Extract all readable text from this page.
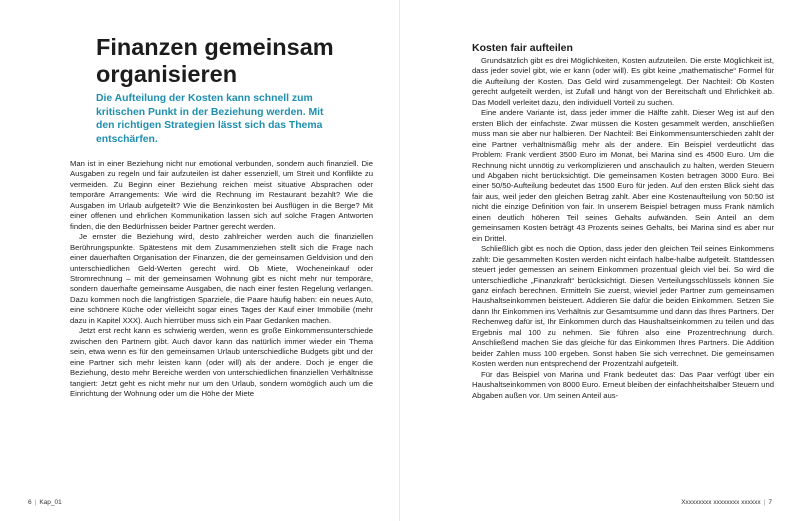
Finanzen gemeinsam organisieren

Die Aufteilung der Kosten kann schnell zum kritischen Punkt in der Beziehung werden. Mit den richtigen Strategien lässt sich das Thema entschärfen.

Man ist in einer Beziehung nicht nur emotional verbunden, sondern auch finanziell. Die Ausgaben zu regeln und fair aufzuteilen ist daher essenziell, um Streit und Konflikte zu vermeiden. Zu Beginn einer Beziehung reichen meist situative Absprachen oder temporäre Arrangements: Wie wird die Rechnung im Restaurant bezahlt? Wie die Ausgaben im Urlaub aufgeteilt? Wie die Benzinkosten bei Ausflügen in die Berge? Mit einer offenen und ehrlichen Kommunikation lassen sich auf solche Fragen Antworten finden, die den Bedürfnissen beider Partner gerecht werden.

Je ernster die Beziehung wird, desto zahlreicher werden auch die finanziellen Berührungspunkte. Spätestens mit dem Zusammenziehen stellt sich die Frage nach einer dauerhaften Organisation der Finanzen, die der gemeinsamen Geldvision und den unterschiedlichen Geld-Werten gerecht wird. Ob Miete, Wocheneinkauf oder Stromrechnung – mit der gemeinsamen Wohnung gibt es nicht mehr nur temporäre, sondern dauerhafte gemeinsame Ausgaben, die nach einer festen Regelung verlangen. Dazu kommen noch die langfristigen Sparziele, die Paare häufig haben: ein neues Auto, eine schönere Küche oder vielleicht sogar eines Tages der Kauf einer Immobilie (mehr dazu in Kapitel XXX). Auch hierrüber muss sich ein Paar Gedanken machen.

Jetzt erst recht kann es schwierig werden, wenn es große Einkommensunterschiede zwischen den Partnern gibt. Auch davor kann das natürlich immer wieder ein Thema sein, etwa wenn es für den gemeinsamen Urlaub unterschiedliche Budgets gibt und der eine Partner sich mehr leisten kann (oder will) als der andere. Doch je enger die Beziehung, desto mehr Bereiche werden von unterschiedlichen finanziellen Verhältnisse tangiert: Jetzt geht es nicht mehr nur um den Urlaub, sondern womöglich auch um die Einrichtung der Wohnung oder um die Höhe der Miete

6 | Kap_01
Kosten fair aufteilen

Grundsätzlich gibt es drei Möglichkeiten, Kosten aufzuteilen. Die erste Möglichkeit ist, dass jeder soviel gibt, wie er kann (oder will). Es gibt keine „mathematische“ Formel für die Aufteilung der Kosten. Das Geld wird zusammengelegt. Der Nachteil: Ob Kosten gerecht aufgeteilt werden, ist Zufall und hängt von der Bereitschaft und Ehrlichkeit ab. Das Modell verleitet dazu, den individuell Vorteil zu suchen.

Eine andere Variante ist, dass jeder immer die Hälfte zahlt. Dieser Weg ist auf den ersten Blich der einfachste. Zwar müssen die Kosten gesammelt werden, anschließen muss man sie aber nur halbieren. Der Nachteil: Bei Einkommensunterschieden zahlt der eine Partner verhältnismäßig mehr als der andere. Ein Beispiel verdeutlicht das Problem: Frank verdient 3500 Euro im Monat, bei Marina sind es 4500 Euro. Um die Rechnung nicht unnötig zu verkomplizieren und anschaulich zu halten, werden Steuern und Abgaben nicht berücksichtigt. Die gemeinsamen Kosten betragen 3000 Euro. Bei einer 50/50-Aufteilung bedeutet das 1500 Euro für jeden. Auf den ersten Blick sieht das fair aus, weil jeder den gleichen Betrag zahlt. Aber eine Kostenaufteilung von 50:50 ist nicht die einzige Definition von fair. In unserem Beispiel betragen muss Frank nämlich einen deutlich höheren Teil seines Gehalts aufwänden. Sein Anteil an dem gemeinsamen Kosten beträgt 43 Prozents seines Gehalts, bei Marina sind es aber nur ein Drittel.

Schließlich gibt es noch die Option, dass jeder den gleichen Teil seines Einkommens zahlt: Die gesammelten Kosten werden nicht einfach halbe-halbe aufgeteilt. Stattdessen steuert jeder gemessen an seinem Einkommen prozentual gleich viel bei. So wird die unterschiedliche „Finanzkraft“ berücksichtigt. Diesen Verteilungsschlüssels können Sie ganz einfach berechnen. Ermitteln Sie zuerst, wieviel jeder Partner zum gemeinsamen Haushaltseinkommen beisteuert. Addieren Sie dafür die beiden Einkommen. Setzen Sie dann Ihr Einkommen ins Verhältnis zur Gesamtsumme und dann das Ihres Partners. Der Rechenweg dafür ist, Ihr Einkommen durch das Haushaltseinkommen zu teilen und das Ergebnis mal 100 zu nehmen. Sie führen also eine Prozentrechnung durch. Anschließend machen Sie das gleiche für das Einkommen Ihres Partners. Die Addition beider Zahlen muss 100 ergeben. Sonst haben Sie sich verrechnet. Die gemeinsamen Kosten werden nun entsprechend der Prozentzahl aufgeteilt.

Für das Beispiel von Marina und Frank bedeutet das: Das Paar verfügt über ein Haushaltseinkommen von 8000 Euro. Erneut bleiben der einfachheitshalber Steuern und Abgaben außen vor. Um seinen Anteil aus-

Xxxxxxxxx xxxxxxxx xxxxxx | 7
